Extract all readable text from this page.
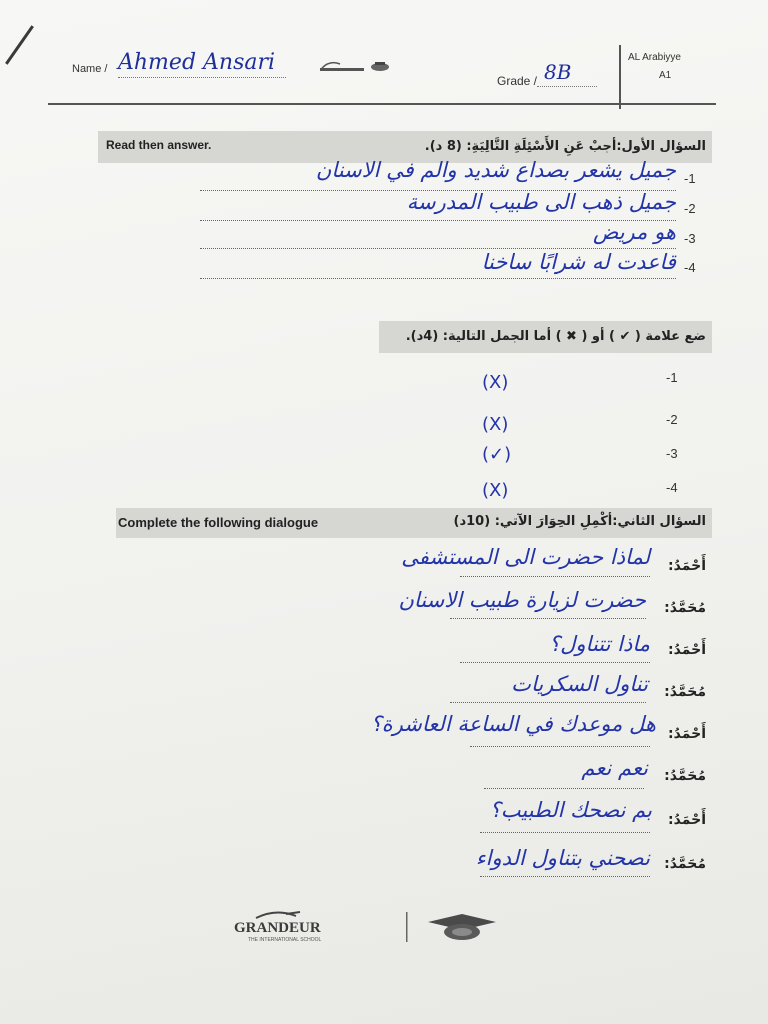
Name / Ahmed Ansari
Grade / 8B
AL Arabiyye
A1
Read then answer.	السؤال الأول:أجبْ عَنِ الأَسْئِلَةِ التَّالِيَةِ: (8 د).
-1
جميل يشعر بصداع شديد والم في الاسنان
-2
جميل ذهب الى طبيب المدرسة
-3
هو مريض
-4
قاعدت له شرابًا ساخنا
ضع علامة ( ✔ ) أو ( ✖ ) أما الجمل التالية: (4د).
-1
(X)
-2
(X)
-3
(✓)
-4
(X)
Complete the following dialogue	السؤال الثاني:أكْمِلِ الحِوَارَ الآتي: (10د)
أَحْمَدُ:
لماذا حضرت الى المستشفى
مُحَمَّدُ:
حضرت لزيارة طبيب الاسنان
أَحْمَدُ:
ماذا تتناول؟
مُحَمَّدُ:
تناول السكريات
أَحْمَدُ:
هل موعدك في الساعة العاشرة؟
مُحَمَّدُ:
نعم نعم
أَحْمَدُ:
بم نصحك الطبيب؟
مُحَمَّدُ:
نصحني بتناول الدواء
GRANDEUR
THE INTERNATIONAL SCHOOL
